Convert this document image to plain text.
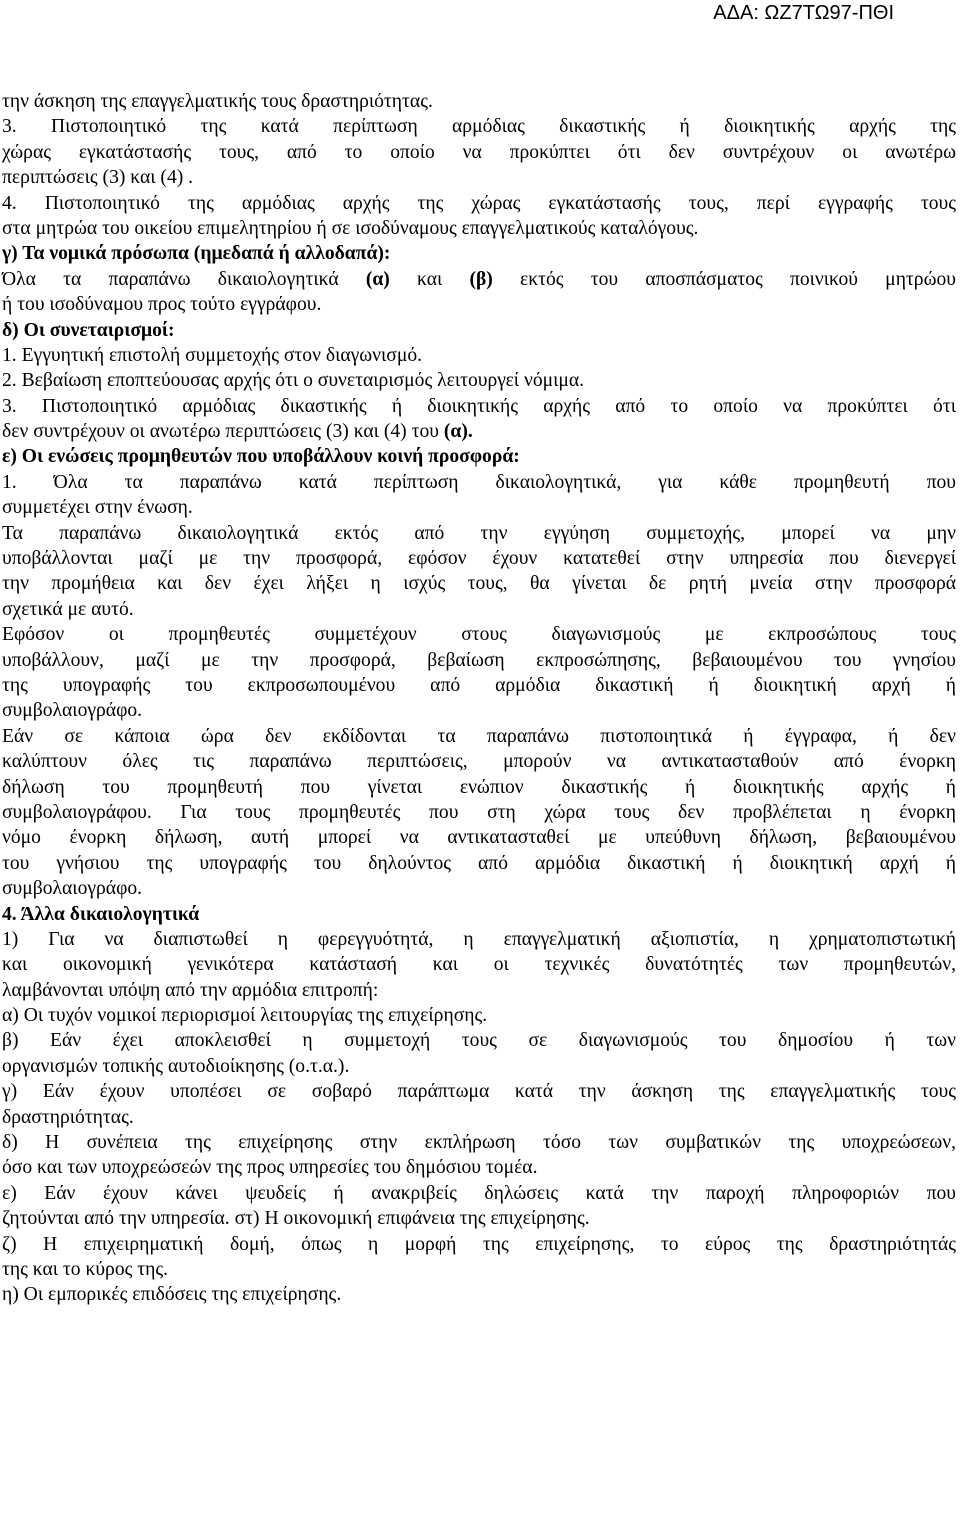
ΑΔΑ: ΩΖ7ΤΩ97-ΠΘΙ
την άσκηση της επαγγελματικής τους δραστηριότητας.
3. Πιστοποιητικό της κατά περίπτωση αρμόδιας δικαστικής ή διοικητικής αρχής της
χώρας εγκατάστασής τους, από το οποίο να προκύπτει ότι δεν συντρέχουν οι ανωτέρω
περιπτώσεις (3) και (4) .
4. Πιστοποιητικό της αρμόδιας αρχής της χώρας εγκατάστασής τους, περί εγγραφής τους
στα μητρώα του οικείου επιμελητηρίου ή σε ισοδύναμους επαγγελματικούς καταλόγους.
γ) Τα νομικά πρόσωπα (ημεδαπά ή αλλοδαπά):
Όλα τα παραπάνω δικαιολογητικά (α) και (β) εκτός του αποσπάσματος ποινικού μητρώου
ή του ισοδύναμου προς τούτο εγγράφου.
δ) Οι συνεταιρισμοί:
1. Εγγυητική επιστολή συμμετοχής στον διαγωνισμό.
2. Βεβαίωση εποπτεύουσας αρχής ότι ο συνεταιρισμός λειτουργεί νόμιμα.
3. Πιστοποιητικό αρμόδιας δικαστικής ή διοικητικής αρχής από το οποίο να προκύπτει ότι
δεν συντρέχουν οι ανωτέρω περιπτώσεις (3) και (4) του (α).
ε) Οι ενώσεις προμηθευτών που υποβάλλουν κοινή προσφορά:
1. Όλα τα παραπάνω κατά περίπτωση δικαιολογητικά, για κάθε προμηθευτή που
συμμετέχει στην ένωση.
Τα παραπάνω δικαιολογητικά εκτός από την εγγύηση συμμετοχής, μπορεί να μην
υποβάλλονται μαζί με την προσφορά, εφόσον έχουν κατατεθεί στην υπηρεσία που διενεργεί
την προμήθεια και δεν έχει λήξει η ισχύς τους, θα γίνεται δε ρητή μνεία στην προσφορά
σχετικά με αυτό.
Εφόσον οι προμηθευτές συμμετέχουν στους διαγωνισμούς με εκπροσώπους τους
υποβάλλουν, μαζί με την προσφορά, βεβαίωση εκπροσώπησης, βεβαιουμένου του γνησίου
της υπογραφής του εκπροσωπουμένου από αρμόδια δικαστική ή διοικητική αρχή ή
συμβολαιογράφο.
Εάν σε κάποια ώρα δεν εκδίδονται τα παραπάνω πιστοποιητικά ή έγγραφα, ή δεν
καλύπτουν όλες τις παραπάνω περιπτώσεις, μπορούν να αντικατασταθούν από ένορκη
δήλωση του προμηθευτή που γίνεται ενώπιον δικαστικής ή διοικητικής αρχής ή
συμβολαιογράφου. Για τους προμηθευτές που στη χώρα τους δεν προβλέπεται η ένορκη
νόμο ένορκη δήλωση, αυτή μπορεί να αντικατασταθεί με υπεύθυνη δήλωση, βεβαιουμένου
του γνήσιου της υπογραφής του δηλούντος από αρμόδια δικαστική ή διοικητική αρχή ή
συμβολαιογράφο.
4. Άλλα δικαιολογητικά
1) Για να διαπιστωθεί η φερεγγυότητά, η επαγγελματική αξιοπιστία, η χρηματοπιστωτική
και οικονομική γενικότερα κατάστασή και οι τεχνικές δυνατότητές των προμηθευτών,
λαμβάνονται υπόψη από την αρμόδια επιτροπή:
α) Οι τυχόν νομικοί περιορισμοί λειτουργίας της επιχείρησης.
β) Εάν έχει αποκλεισθεί η συμμετοχή τους σε διαγωνισμούς του δημοσίου ή των
οργανισμών τοπικής αυτοδιοίκησης (ο.τ.α.).
γ) Εάν έχουν υποπέσει σε σοβαρό παράπτωμα κατά την άσκηση της επαγγελματικής τους
δραστηριότητας.
δ) Η συνέπεια της επιχείρησης στην εκπλήρωση τόσο των συμβατικών της υποχρεώσεων,
όσο και των υποχρεώσεών της προς υπηρεσίες του δημόσιου τομέα.
ε) Εάν έχουν κάνει ψευδείς ή ανακριβείς δηλώσεις κατά την παροχή πληροφοριών που
ζητούνται από την υπηρεσία. στ) Η οικονομική επιφάνεια της επιχείρησης.
ζ) Η επιχειρηματική δομή, όπως η μορφή της επιχείρησης, το εύρος της δραστηριότητάς
της και το κύρος της.
η) Οι εμπορικές επιδόσεις της επιχείρησης.
